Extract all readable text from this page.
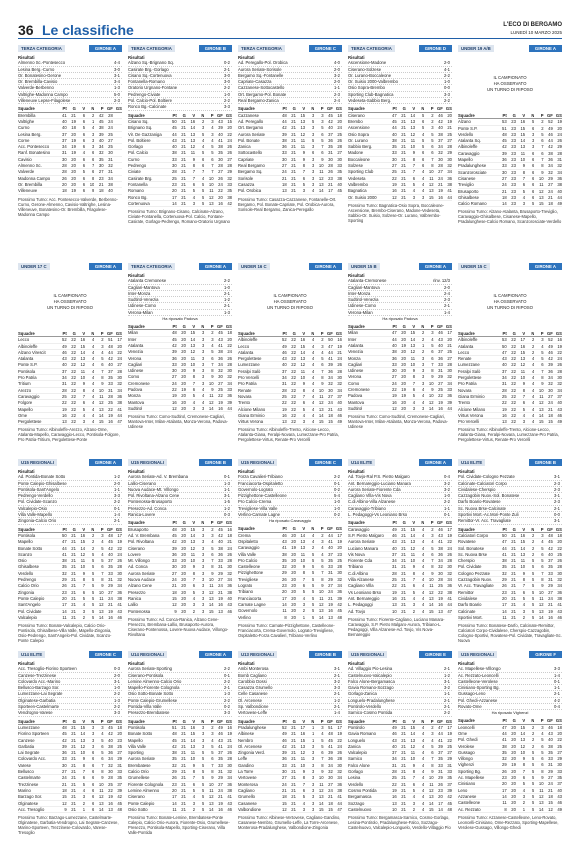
36 Le classifiche	L'ECO DI BERGAMO
LUNEDÌ 10 MARZO 2025
TERZA CATEGORIA	GIRONE A
Risultati
Almenno Sc.-Pontesecco	4-4
Lesina Berg.-Curno	3-0
Or. Bonatesino-Gerone	3-1
Or. Brembilla-Cavisio	3-4
Valverde-Berbenno	1-3
Valtrighe-Madonna Campo	5-0
Villeneuve Lepse-Filagolese	2-3
Squadre	Pt	G	V	N	P GF GS
Brembilla	41	21	6	2	42	28
Valtrighe	40	19	6	1	45	24
Curno	40	18	5	4	38	24
Lesina Berg.	37	20	6	3	39	25
Corne	37	19	6	3	40	27
Acc. Pontesecco	34	19	6	3	34	25
Ranf. Bonatesino	31	19	4	6	32	30
Cavisio	30	20	6	6	35	31
Almenno Sc.	28	20	6	7	30	32
Valverde	28	20	5	6	27	31
Madonna Campo	26	20	6	8	23	34
Or. Brembilla	20	20	6	10	21	38
Villeneuve	18	19	6	9	18	40
Prossimo Turno: Acc. Pontesecco-Valverde, Berbenno-Curno, Gerone-Almenno, Cavisio-Valtrighe, Lesina-Villeneuve, Bonatesino-Or. Brembilla, Filagolese-Madonna Campo
TERZA CATEGORIA	GIRONE B
Risultati
Alzano Sq.-Brignano Sq.	0-2
Casirate Brg.-Gorlago	2-1
Cisano Sq.-Cortenuova	3-0
Fontanella-Romano	3-0
Oratorio Urgnano-Fontane	2-2
Pedrengo-Civiate	1-0
Pol. Calcio-Pol. Boltiere	2-2
Ronco Bg.-Calcinate	3-3
Squadre	Pt	G	V	N	P GF GS
Cisano Sq.	50	21	16	2	3	43	15
Brignano Sq.	45	21	14	3	4	39	20
Vir. De Gazzaniga	44	21	13	5	3	40	22
Pol. Boltiere	43	21	13	4	4	41	24
Gorlago	40	21	12	4	5	38	26
Pol. Calcio	38	21	11	5	5	35	26
Curno	33	21	9	6	6	30	27
Pedrengo	30	21	8	6	7	28	28
Civiate	28	21	7	7	7	27	29
Casirate Brg.	25	21	7	4	10	26	32
Fontanella	23	21	6	5	10	24	33
Romano	20	21	5	5	11	22	35
Ronco Bg.	17	21	4	5	12	20	38
Cortenuova	14	21	3	5	13	16	42
Prossimo Turno: Brignano-Cisano, Calcinate-Alzano, Civiate-Fontanella, Cortenuova-Pol. Calcio, Fontane-Casirate, Gorlago-Pedrengo, Romano-Oratorio Urgnano
TERZA CATEGORIA	GIRONE C
Risultati
Ad. Peregallo-Pol. Orobica	4-0
Aurora Seriate-Sorisole	2-0
Bergamo Sq.-Fontanelle	3-2
Capriate-Casazza	2-0
Cazzanese-Sottocastello	1-1
Ort. Bergamo-Pol. Bonate	2-3
Real Bergamo-Zanica	2-4
Squadre	Pt	G	V	N	P GF GS
Cazzanese	48	21	15	3	3	45	18
Ad. Peregallo	44	21	13	5	3	42	20
Ort. Bergamo	42	21	13	3	5	40	24
Aurora Seriate	39	21	12	3	6	37	25
Pol. Bonate	38	21	11	5	5	36	26
Zanica	36	21	11	3	7	35	28
Sottocastello	33	21	9	6	6	31	27
Capriate	30	21	9	3	9	30	30
Real Bergamo	27	21	8	3	10	28	33
Bergamo Sq.	24	21	7	3	11	26	35
Sorisole	21	21	6	3	12	23	38
Casazza	18	21	5	3	13	21	40
Pol. Orobica	13	21	3	4	14	17	45
Prossimo Turno: Casazza-Cazzanese, Fontanelle-Ort. Bergamo, Pol. Bonate-Capriate, Pol. Orobica-Aurora, Sorisole-Real Bergamo, Zanica-Peregallo
TERZA CATEGORIA	GIRONE D
Risultati
Ascensione-Madone	2-0
Ciserano-Solzese	4-1
Or. Lurano-Boccaleone	2-2
Or. Suisio 2000-Valbrembo	1-0
Osio Sopra-Brembo	0-0
Sporting Club-Bagnatica	3-3
Vedeseta-Sabbio Berg.	2-2
Squadre	Pt	G	V	N	P GF GS
Ciserano	47	21	14	5	2	46	20
Brembo	45	21	13	6	2	42	19
Ascensione	44	21	13	5	3	40	21
Osio Sopra	40	21	12	4	5	38	25
Or. Lurano	38	21	11	5	5	37	27
Sabbio Berg.	35	21	10	5	6	34	28
Madone	33	21	9	6	6	32	29
Boccaleone	30	21	8	6	7	30	30
Solzese	27	21	7	6	8	28	32
Sporting Club	25	21	7	4	10	27	34
Vedeseta	22	21	6	4	11	24	36
Valbrembo	19	21	5	4	12	21	38
Bagnatica	16	21	4	4	13	19	41
Or. Suisio 2000	12	21	3	3	15	16	44
Prossimo Turno: Bagnatica-Osio Sopra, Boccaleone-Ascensione, Brembo-Ciserano, Madone-Vedeseta, Sabbio-Or. Suisio, Solzese-Or. Lurano, Valbrembo-Sporting
UNDER 19 A/B	GIRONE A
IL CAMPIONATO
HA OSSERVATO
UN TURNO DI RIPOSO
Squadre	Pt	G	V	N	P GF GS
Alzano	53	23	16	5	2	52	19
Ponte S.P.	51	23	15	6	2	49	20
Verdello	48	23	15	3	5	46	24
Atalanta Sq.	45	23	14	3	6	44	26
Albinoleffe	42	23	13	3	7	42	29
Caravaggio	39	23	11	6	6	38	28
Mapello	36	23	10	6	7	36	31
Pradalunghese	33	23	9	6	8	34	32
Scanzorosciate	30	23	8	6	9	32	34
Cisanese	27	23	7	6	10	29	36
Treviglio	24	23	6	6	11	27	38
Brusaporto	21	23	5	6	12	24	40
Ghisalbese	18	23	4	6	13	21	44
Calcio Romano	14	23	3	5	15	18	49
Prossimo Turno: Alzano-Atalanta, Brusaporto-Treviglio, Caravaggio-Ghisalbese, Cisanese-Mapello, Pradalunghese-Calcio Romano, Scanzorosciate-Verdello
UNDER 17 C	GIRONE A
IL CAMPIONATO
HA OSSERVATO
UN TURNO DI RIPOSO
Squadre	Pt	G	V	N	P GF GS
Lecco	52	22	16	4	2	51	17
Albinoleffe	49	22	15	4	3	48	20
Alzano Virescit	46	22	14	4	4	44	22
Atalanta	43	22	13	4	5	42	24
Ponte S.P.	40	22	12	4	6	40	27
Pontisola	37	22	11	4	7	37	28
Pro Patria	34	22	10	4	8	35	30
Tritium	31	22	9	4	9	33	32
Arezzo	28	22	8	4	10	31	34
Caravaggio	25	22	7	4	11	28	36
Folgore	22	22	6	4	12	25	38
Mapello	19	22	5	4	13	22	41
Ome	16	22	4	4	14	19	44
Pergolettese	13	22	3	4	15	16	47
Prossimo Turno: Albinoleffe-Arezzo, Alzano-Ome, Atalanta-Mapello, Caravaggio-Lecco, Pontisola-Folgore, Pro Patria-Tritium, Pergolettese-Ponte
TERZA CATEGORIA	GIRONE A
Risultati
Atalanta Cremonese	2-2
Cagliari-Mantova	1-0
Inter-Monza	2-1
Sudtirol-Venezia	1-2
Udinese-Como	2-1
Verona-Milan	1-3
Ha riposato Padova
Squadre	Pt	G	V	N	P GF GS
Milan	48	20	15	3	2	45	18
Inter	45	20	14	3	3	43	20
Atalanta	42	20	13	3	4	41	22
Venezia	39	20	12	3	5	38	24
Verona	36	20	11	3	6	36	26
Cagliari	33	20	10	3	7	34	28
Udinese	30	20	9	3	8	32	30
Como	27	20	8	3	9	30	32
Cremonese	24	20	7	3	10	27	34
Padova	22	19	6	4	9	25	33
Monza	19	20	5	4	11	22	36
Mantova	16	20	4	4	12	19	39
Sudtirol	12	20	3	3	14	16	44
Prossimo Turno: Como-Sudtirol, Cremonese-Cagliari, Mantova-Inter, Milan-Atalanta, Monza-Verona, Padova-Udinese
UNDER 16 C	GIRONE A
IL CAMPIONATO
HA OSSERVATO
UN TURNO DI RIPOSO
Squadre	Pt	G	V	N	P GF GS
Albinoleffe	52	22	16	4	2	50	16
Lecco	49	22	15	4	3	47	19
Atalanta	46	22	14	4	4	44	21
Pergolettese	43	22	13	4	5	41	24
Lumezzane	40	22	12	4	6	39	26
Feralpi Salò	37	22	11	4	7	36	28
Pro Vercelli	34	22	10	4	8	34	30
Pro Patria	31	22	9	4	9	32	32
Renate	28	22	8	4	10	30	34
Novara	25	22	7	4	11	27	37
Trento	22	22	6	4	12	24	40
Alcione Milano	19	22	5	4	13	21	43
Giana Erminio	16	22	4	4	14	18	46
Virtus Verona	13	22	3	4	15	15	49
Prossimo Turno: Albinoleffe-Trento, Alcione-Lecco, Atalanta-Giana, Feralpi-Novara, Lumezzane-Pro Patria, Pergolettese-Virtus, Renate-Pro Vercelli
UNDER 15 B	GIRONE A
Risultati
Atalanta-Cremonese	rinv. 12/3
Cagliari-Mantova	2-0
Inter-Monza	2-4
Sudtirol-Venezia	2-3
Udinese-Como	2-1
Verona-Milan	1-4
Ha riposato Padova
Squadre	Pt	G	V	N	P GF GS
Milan	47	20	15	2	3	46	17
Inter	44	20	14	2	4	43	20
Atalanta	40	19	13	1	5	40	21
Venezia	38	20	12	2	6	37	25
Monza	36	20	11	3	6	36	27
Cagliari	33	20	10	3	7	33	28
Udinese	30	20	9	3	8	31	30
Verona	27	20	8	3	9	29	32
Como	24	20	7	3	10	27	34
Cremonese	22	19	6	4	9	25	33
Padova	19	19	5	4	10	22	36
Mantova	16	20	4	4	12	19	39
Sudtirol	12	20	3	3	14	16	44
Prossimo Turno: Como-Sudtirol, Cremonese-Cagliari, Mantova-Inter, Milan-Atalanta, Monza-Verona, Padova-Udinese
UNDER 15 C	GIRONE A
IL CAMPIONATO
HA OSSERVATO
UN TURNO DI RIPOSO
Squadre	Pt	G	V	N	P GF GS
Albinoleffe	53	22	17	2	3	52	16
Atalanta	50	22	16	2	4	49	19
Lecco	47	22	15	2	5	46	22
Renate	43	22	13	4	5	42	24
Lumezzane	40	22	12	4	6	39	26
Feralpi Salò	37	22	11	4	7	36	28
Pergolettese	34	22	10	4	8	34	30
Pro Patria	31	22	9	4	9	32	32
Novara	28	22	8	4	10	30	34
Giana Erminio	25	22	7	4	11	27	37
Trento	22	22	6	4	12	24	40
Alcione Milano	19	22	5	4	13	21	43
Virtus Verona	16	22	4	4	14	18	46
Pro Vercelli	13	22	3	4	15	15	49
Prossimo Turno: Albinoleffe-Trento, Alcione-Lecco, Atalanta-Giana, Feralpi-Novara, Lumezzane-Pro Patria, Pergolettese-Virtus, Renate-Pro Vercelli
U15 REGIONALI	GIRONE A
Risultati
Ad. Pontida-Bonate Sotto	1-2
Ponte Calepio-Ghisalbese	2-0
Pontisola-Sant'Angelo	1-1
Pedrengo-Verdello	3-3
Pol. Cividate-Scanzo	2-2
Valcalepio-Osio	0-1
Villa Valle-Mapello	1-4
Zingonia-Calcio Orio	2-1
Squadre	Pt	G	V	N	P GF GS
Pontisola	50	21	16	2	3	48	17
Mapello	47	21	15	2	4	45	19
Bonate Sotto	44	21	14	2	5	42	22
Scanzo	41	21	12	5	4	40	24
Osio	38	21	11	5	5	37	26
Ghisalbese	35	21	10	5	6	35	28
Verdello	32	21	9	5	7	33	30
Pedrengo	29	21	8	5	8	31	32
Calcio Orio	26	21	7	5	9	29	34
Zingonia	23	21	6	5	10	27	36
Ponte Calepio	20	21	5	5	11	24	38
Sant'Angelo	17	21	4	5	12	21	41
Pol. Cividate	14	21	3	5	13	19	43
Valcalepio	11	21	2	5	14	16	46
Prossimo Turno: Bonate-Valcalepio, Calcio Orio-Pontisola, Ghisalbese-Villa Valle, Mapello-Zingonia, Osio-Pedrengo, Sant'Angelo-Pol. Cividate, Scanzo-Ponte Calepio
U15 REGIONALI	GIRONE B
Risultati
Aurora Seriate-Ad. V. Brembana	0-1
Lallio-Ciserano	1-3
Nuova Audace-Mt. Villongo	1-1
Pol. Rivoltana-Alzano Cene	3-1
Pontenossa-Brusaporto	1-5
Presezzo-Ad. Conca	1-2
Ranica-Lovere	0-3
Squadre	Pt	G	V	N	P GF GS
Brusaporto	48	20	15	3	2	45	16
Ad. V. Brembana	45	20	14	3	3	42	18
Pol. Rivoltana	42	20	13	3	4	40	21
Ciserano	39	20	12	3	5	38	24
Lovere	36	20	11	3	6	36	26
Mt. Villongo	33	20	10	3	7	33	28
Ad. Conca	30	20	9	3	8	31	30
Aurora Seriate	27	20	8	3	9	29	32
Nuova Audace	24	20	7	3	10	27	34
Alzano Cene	21	20	6	3	11	24	36
Presezzo	18	20	5	3	12	21	38
Ranica	15	20	4	3	13	19	40
Lallio	12	20	3	3	14	16	43
Pontenossa	9	20	2	3	15	13	46
Prossimo Turno: Ad. Conca-Ranica, Alzano Cene-Presezzo, Brembana-Lallio, Brusaporto-Aurora, Ciserano-Pontenossa, Lovere-Nuova Audace, Villongo-Rivoltana
U15 REGIONALI	GIRONE C
Risultati
Forza Cavalieri-Tribiano	2-2
Franciacorta-Ospitaletto	0-1
Governolo-Lograto	0-2
Pizzighettone-Castelleone	5-4
Pro Calcio-Crema	1-0
Trevigliese-Villa Valle	1-0
Verlino-Carnate Lagne	0-2
Ha riposato Caravaggio
Squadre	Pt	G	V	N	P GF GS
Crema	46	20	14	4	2	44	17
Ospitaletto	43	20	13	4	3	41	19
Caravaggio	41	19	13	2	4	40	20
Villa Valle	38	20	11	5	4	37	23
Pro Calcio	35	20	10	5	5	35	25
Castelleone	32	20	9	5	6	33	28
Pizzighettone	29	20	8	5	7	31	30
Trevigliese	26	20	7	5	8	29	32
Lograto	23	20	6	5	9	27	34
Tribiano	20	20	5	5	10	24	36
Franciacorta	17	20	4	5	11	21	39
Carnate Lagne	14	20	3	5	12	19	42
Governolo	11	20	2	5	13	16	45
Verlino	8	20	1	5	14	13	48
Prossimo Turno: Carnate-Pizzighettone, Castelleone-Franciacorta, Crema-Governolo, Lograto-Trevigliese, Ospitaletto-Forza Cavalieri, Tribiano-Verlino
U14 ELITE	GIRONE A
Risultati
Ad. Tovjo-Ral P.S. Pietro Malgaro	0-4
Ant. Bernareggio-Luciano Manara	3-2
Aurora Seriate-Fiorente Cda	3-2
Cagliano Villa-Vis Nova	1-0
C.di Albino-Villa Alzanese	2-2
Caravaggio-Tribiano	1-1
L. Pedagoggi-Vs Leoniano Brso	0-1
Squadre	Pt	G	V	N	P GF GS
Caravaggio	49	21	15	4	2	46	17
S.P. Pietro Malgaro	46	21	14	4	3	43	19
Aurora Seriate	43	21	13	4	4	41	22
Luciano Manara	40	21	12	4	5	38	24
Vis Nova	37	21	11	4	6	36	26
Fiorente Cda	34	21	10	4	7	34	28
Tribiano	31	21	9	4	8	32	30
C.di Albino	28	21	8	4	9	30	32
Villa Alzanese	25	21	7	4	10	28	34
Cagliano Villa	22	21	6	4	11	25	36
Vs Leoniano Brso	19	21	5	4	12	22	38
Ant. Bernareggio	16	21	4	4	13	19	41
L. Pedagoggi	13	21	3	4	14	16	44
Ad. Tovjo	10	21	2	4	15	13	47
Prossimo Turno: Fiorente-Cagliano, Luciano Manara-Caravaggio, S.P. Pietro Malgaro-Aurora, Tribiano-L. Pedagoggi, Villa Alzanese-Ad. Tovjo, Vis Nova-Bernareggio
U14 ELITE	GIRONE B
Risultati
Pol. Cividate-Cologno Pezzate	3-1
Calcinate-Calciatori Corpo	2-3
Cividalese-Cherspio	2-3
Cazzagobin Nuov.-Sol. Bonatese	3-1
Darfo Boario-Rovatese	2-3
Sc. Nuova Brse-Calcinate	2-1
Sportivi Mort.-Ac.Mori-Ponte Zuli	0-0
Remittor-Vr. Acc. Travagliate	3-1
Squadre	Pt	G	V	N	P GF GS
Calciatori Corpo	50	21	16	2	3	48	18
Rovatese	47	21	15	2	4	45	20
Sol. Bonatese	44	21	14	2	5	42	22
Sc. Nuova Brse	41	21	13	2	6	40	25
Cherspio	38	21	11	5	5	37	26
Pol. Cividate	35	21	10	5	6	35	28
Cologno Pezzate	32	21	9	5	7	33	30
Cazzagobin Nuov.	29	21	8	5	8	31	32
Vr. Acc. Travagliate	26	21	7	5	9	29	34
Remittor	23	21	6	5	10	27	36
Cividalese	20	21	5	5	11	24	38
Darfo Boario	17	21	4	5	12	21	41
Calcinate	14	21	3	5	13	19	43
Sportivi Mort.	11	21	2	5	14	16	46
Prossimo Turno: Bonatese-Darfo, Calcinate-Remittor, Calciatori Corpo-Cividalese, Cherspio-Cazzagobin, Cologno-Sportivi, Rovatese-Pol. Cividate, Travagliate-Sc. Nuova
U14 ELITE	GIRONE C
Risultati
Acc. Tresoglio-Fiorino Sporteen	0-3
Canzese-Trezzinese	2-0
Colovardo Acc.-Marino	3-1
Bellusco-Barzago Sor.	1-0
Lumezzane-Lai Segrate	2-2
Olginatese-Garbatia	1-3
Sporteen-Castelmarte	2-2
Vendrogno-Varese	3-3
Squadre	Pt	G	V	N	P GF GS
Lumezzane	48	21	15	3	3	45	18
Fiorino Sporteen	45	21	14	3	4	42	20
Canzese	42	21	13	3	5	40	23
Garbatia	39	21	12	3	6	38	25
Lai Segrate	36	21	10	6	5	36	27
Colovardo Acc.	33	21	9	6	6	34	29
Varese	30	21	8	6	7	32	31
Bellusco	27	21	7	6	8	30	33
Castelmarte	24	21	6	6	9	28	35
Trezzinese	21	21	5	6	10	25	37
Marino	18	21	4	6	11	22	39
Barzago Sor.	15	21	3	6	12	19	42
Olginatese	12	21	2	6	13	16	45
Acc. Tresoglio	9	21	1	6	14	13	48
Prossimo Turno: Barzago-Lumezzane, Castelmarte-Olginatese, Garbatia-Vendrogno, Lai Segrate-Canzese, Marino-Sporteen, Trezzinese-Colovardo, Varese-Tresoglio
U14 REGIONALI	GIRONE A
Risultati
Aurora Seriate-Sporting	2-2
Ciserano-Pontisola	0-1
Lemine Almenno-Calcio Orio	2-2
Mapello-Fiorente Colognola	2-1
Osio Sotto-Bonate Sotto	1-3
Ponte Calepio-Grumellese	2-2
Pontida-Villa Valle	0-2
Presezzo-Brembatese	3-3
Squadre	Pt	G	V	N	P GF GS
Pontisola	51	21	16	3	2	49	16
Bonate Sotto	48	21	15	3	3	46	19
Mapello	45	21	14	3	4	43	21
Villa Valle	42	21	13	3	5	41	24
Sporting	38	21	11	5	5	37	26
Aurora Seriate	35	21	10	5	6	35	28
Brembatese	32	21	9	5	7	33	30
Calcio Orio	29	21	8	5	8	31	32
Grumellese	26	21	7	5	9	29	34
Fiorente Colognola	23	21	6	5	10	27	36
Lemine Almenno	20	21	5	5	11	24	38
Ciserano	17	21	4	5	12	21	41
Ponte Calepio	14	21	3	5	13	19	43
Osio Sotto	11	21	2	5	14	16	46
Prossimo Turno: Bonate-Lemine, Brembatese-Ponte Calepio, Calcio Orio-Aurora, Fiorente-Osio, Grumellese-Presezzo, Pontisola-Mapello, Sporting-Ciserano, Villa Valle-Pontida
U13 REGIONALI	GIRONE B
Risultati
Ambi Monterosa	3-1
Bomb Cagliano	2-1
Carobbio Dossi	3-2
Casazza Grumello	3-3
Celle Casanese	2-1
Ol. Arcenese	1-2
Sp. Valbondione	2-1
Vertovese-Leffe	1-4
Squadre	Pt	G	V	N	P GF GS
Pradalunghese	52	21	17	1	3	51	17
Albinese	49	21	16	1	4	48	19
Nembro	46	21	15	1	5	45	22
Ol. Arcenese	42	21	13	3	5	41	24
Zingonia Verd.	39	21	12	3	6	39	26
Leffe	36	21	11	3	7	36	28
Gandino	33	21	10	3	8	34	30
La Torre	30	21	9	3	9	32	32
Vertovese	27	21	8	3	10	30	34
Monterosa	24	21	7	3	11	27	36
Cagliano	21	21	6	3	12	24	38
Grumello	18	21	5	3	13	21	41
Casanese	15	21	4	3	14	18	44
Valbondione	12	21	3	3	15	15	47
Prossimo Turno: Albinese-Vertovese, Cagliano-Gandino, Casanese-Nembro, Grumello-Leffe, La Torre-Arcenese, Monterosa-Pradalunghese, Valbondione-Zingonia
U15 REGIONALI	GIRONE E
Risultati
Ad. Villaggio Pio-Lesina	2-1
Castelnuovo-Valcalepio	1-2
Falco Alone-Bergamasca	3-1
Gavia Romano-Sozzago	3-2
Gorlago-Zanica	1-1
Longuelo-Pradalunghese	2-1
Pontirolo-Verdello	2-1
Sarnico-Cosmo Pontida	2-2
Squadre	Pt	G	V	N	P GF GS
Pontirolo	49	21	15	4	2	47	17
Gavia Romano	46	21	14	4	3	44	19
Longuelo	43	21	13	4	4	41	22
Zanica	40	21	12	4	5	39	25
Valcalepio	37	21	11	4	6	37	27
Sarnico	34	21	10	4	7	35	29
Falco Alone	31	21	9	4	8	33	31
Gorlago	28	21	8	4	9	31	33
Lesina	25	21	7	4	10	29	35
Verdello	22	21	6	4	11	26	37
Cosmo Pontida	19	21	5	4	12	23	39
Bergamasca	16	21	4	4	13	20	42
Sozzago	13	21	3	4	14	17	45
Castelnuovo	10	21	2	4	15	14	48
Prossimo Turno: Bergamasca-Sarnico, Cosmo-Gorlago, Lesina-Pontirolo, Pradalunghese-Falco, Sozzago-Castelnuovo, Valcalepio-Longuelo, Verdello-Villaggio Pio
U15 REGIONALI	GIRONE F
Risultati
Ac. Mapellese-Villongo	3-3
Ac. Rezzato-Leoncelli	1-4
Castelleone-Verolese	0-1
Cinisiano-Sporting Bg.	1-1
Gussago-Leno	2-1
Pol. Ghedi-Azzanese	4-2
Rovato-Ome	0-4
Ha riposato Vighenzi
Squadre	Pt	G	V	N	P GF GS
Leoncelli	47	20	15	2	3	46	18
Ome	44	20	14	2	4	43	20
Pol. Ghedi	41	20	13	2	5	40	22
Verolese	38	20	12	2	6	38	25
Gussago	35	20	10	5	5	35	27
Villongo	32	20	9	5	6	33	29
Vighenzi	29	19	8	5	6	31	30
Sporting Bg.	26	20	7	5	8	29	33
Ac. Mapellese	23	20	6	5	9	27	35
Cinisiano	20	20	5	5	10	24	37
Leno	17	20	4	5	11	21	40
Azzanese	14	20	3	5	12	18	43
Castelleone	11	20	2	5	13	15	46
Ac. Rezzato	8	20	1	5	14	12	49
Prossimo Turno: Azzanese-Castelleone, Leno-Rovato, Leoncelli-Cinisiano, Ome-Rezzato, Sporting-Mapellese, Verolese-Gussago, Villongo-Ghedi
